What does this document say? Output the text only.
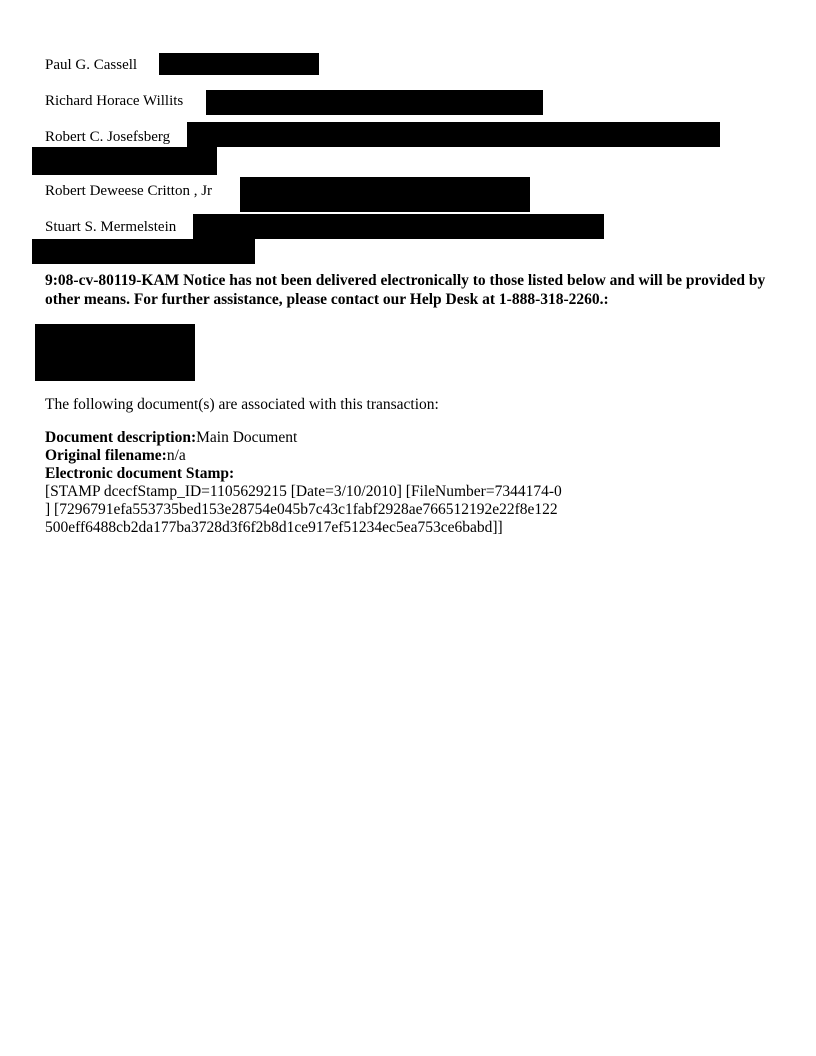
Paul G. Cassell
Richard Horace Willits
Robert C. Josefsberg
Robert Deweese Critton , Jr
Stuart S. Mermelstein
9:08-cv-80119-KAM Notice has not been delivered electronically to those listed below and will be provided by other means. For further assistance, please contact our Help Desk at 1-888-318-2260.:
The following document(s) are associated with this transaction:
Document description:Main Document
Original filename:n/a
Electronic document Stamp:
[STAMP dcecfStamp_ID=1105629215 [Date=3/10/2010] [FileNumber=7344174-0
] [7296791efa553735bed153e28754e045b7c43c1fabf2928ae766512192e22f8e122
500eff6488cb2da177ba3728d3f6f2b8d1ce917ef51234ec5ea753ce6babd]]
